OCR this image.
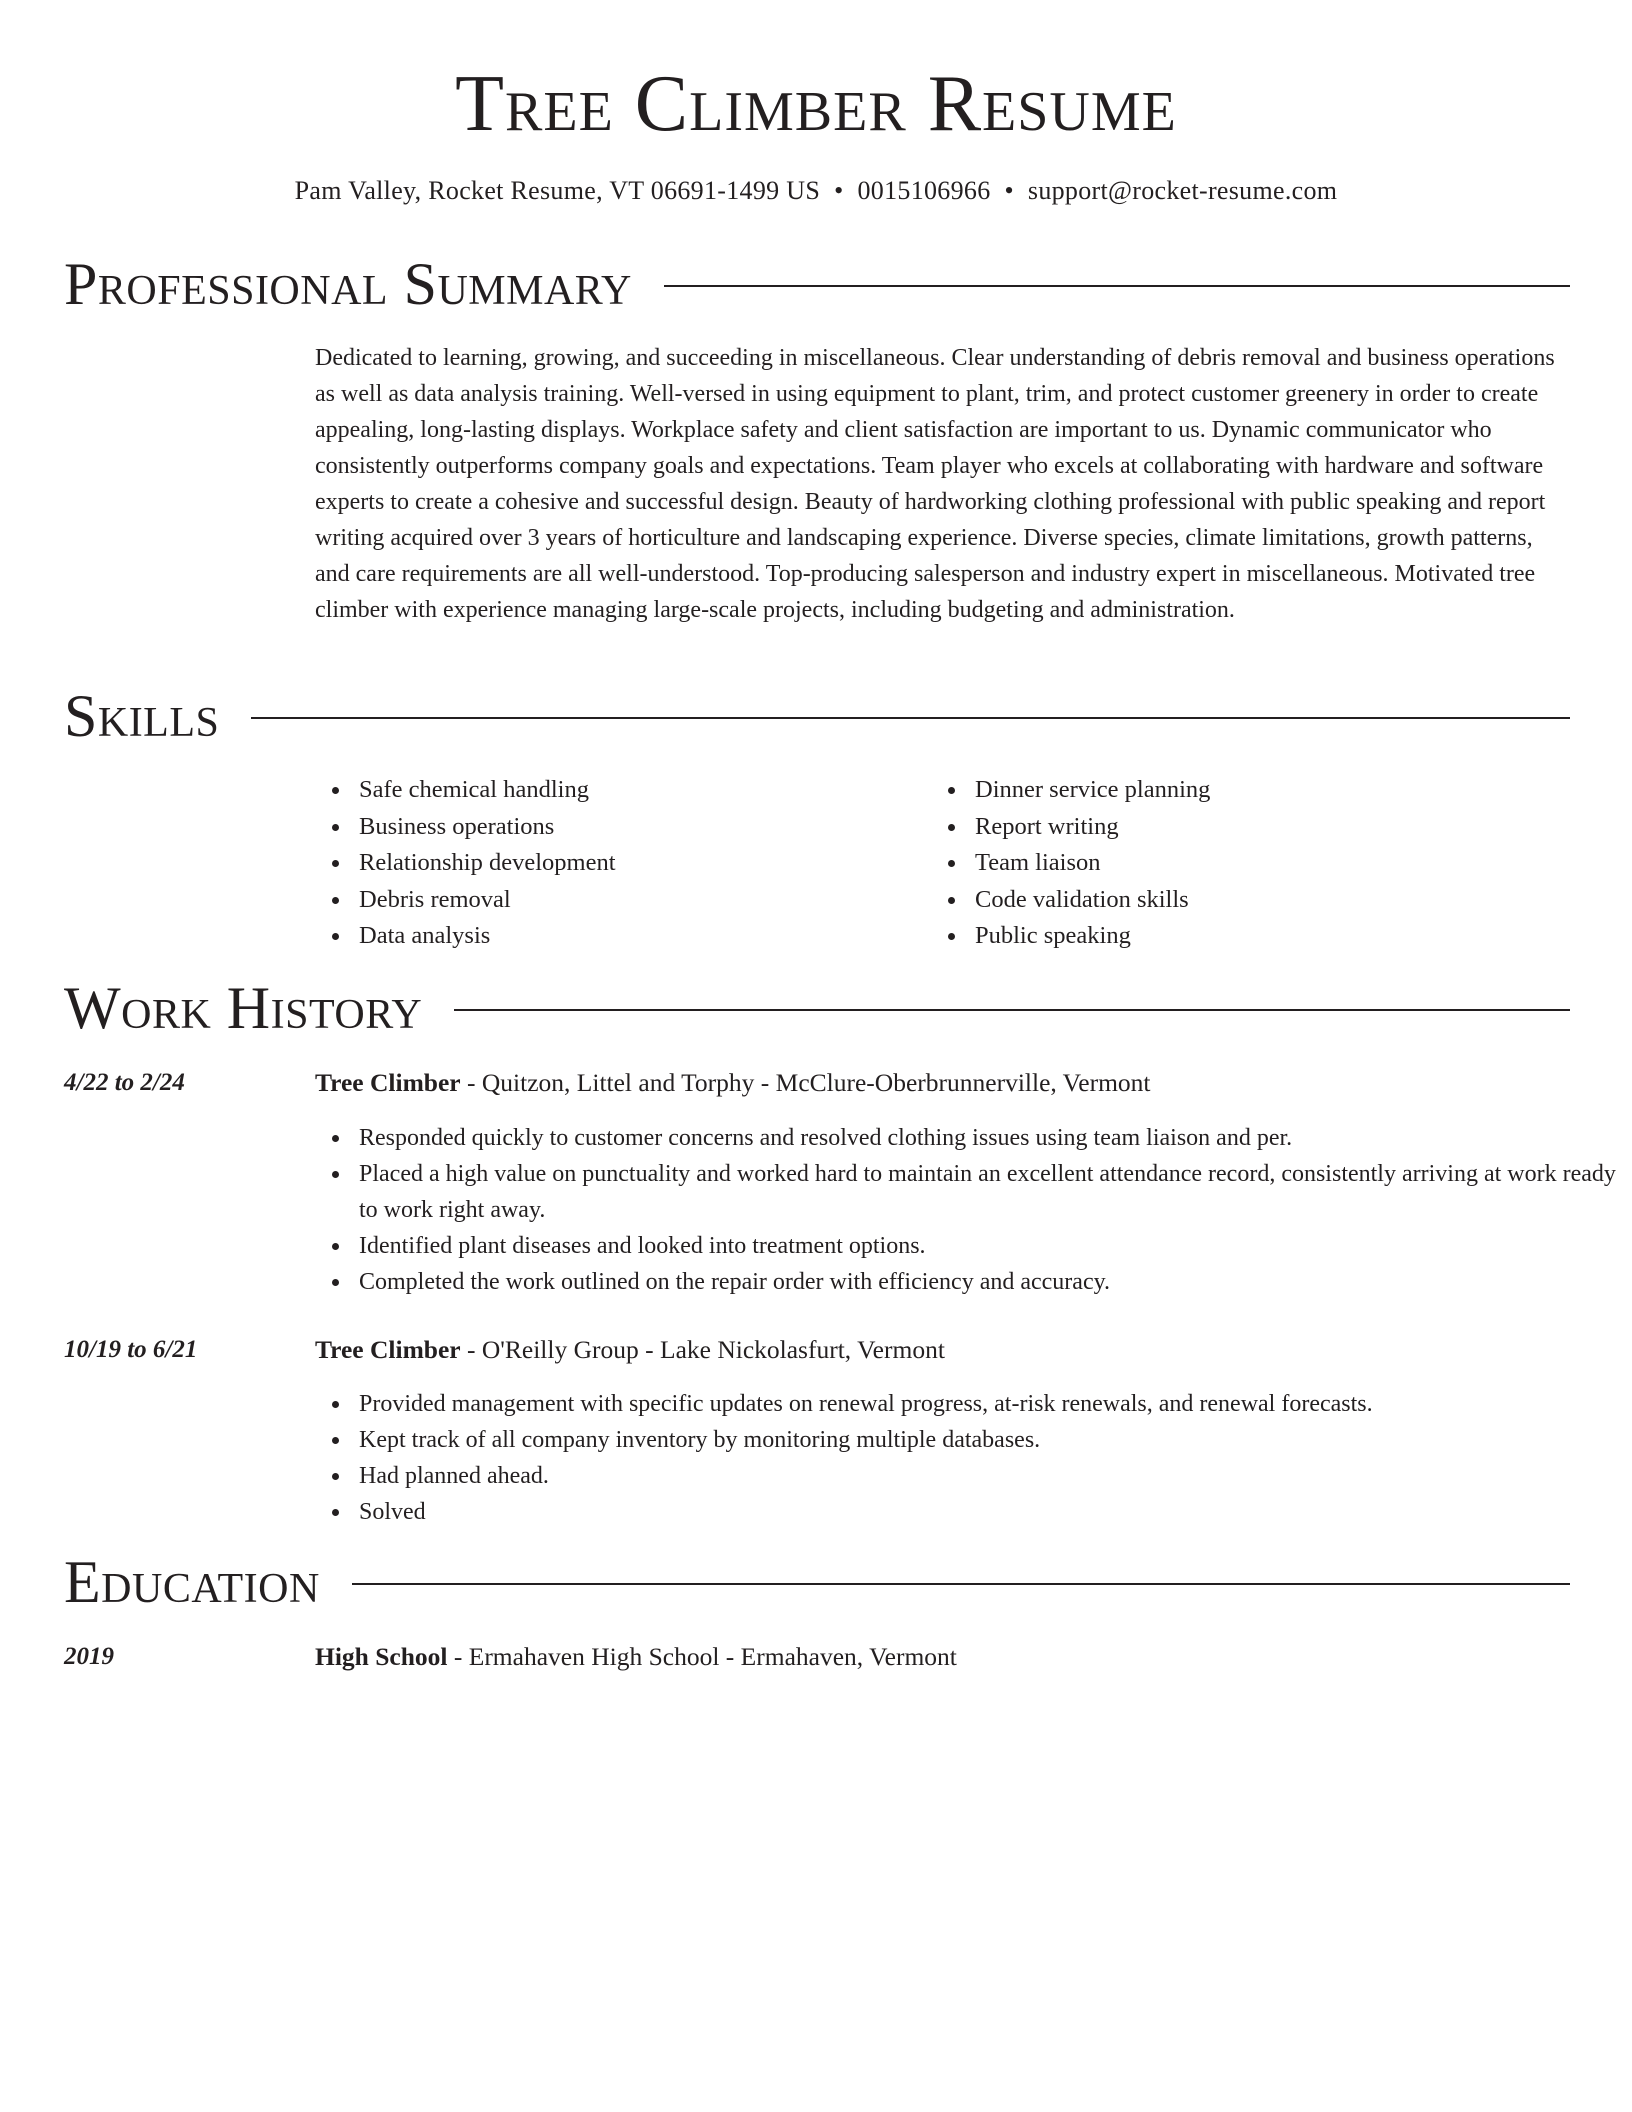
Tree Climber Resume
Pam Valley, Rocket Resume, VT 06691-1499 US • 0015106966 • support@rocket-resume.com
Professional Summary

Dedicated to learning, growing, and succeeding in miscellaneous. Clear understanding of debris removal and business operations as well as data analysis training. Well-versed in using equipment to plant, trim, and protect customer greenery in order to create appealing, long-lasting displays. Workplace safety and client satisfaction are important to us. Dynamic communicator who consistently outperforms company goals and expectations. Team player who excels at collaborating with hardware and software experts to create a cohesive and successful design. Beauty of hardworking clothing professional with public speaking and report writing acquired over 3 years of horticulture and landscaping experience. Diverse species, climate limitations, growth patterns, and care requirements are all well-understood. Top-producing salesperson and industry expert in miscellaneous. Motivated tree climber with experience managing large-scale projects, including budgeting and administration.

Skills
Safe chemical handling
Business operations
Relationship development
Debris removal
Data analysis
Dinner service planning
Report writing
Team liaison
Code validation skills
Public speaking
Work History
4/22 to 2/24	Tree Climber - Quitzon, Littel and Torphy - McClure-Oberbrunnerville, Vermont
Responded quickly to customer concerns and resolved clothing issues using team liaison and per.
Placed a high value on punctuality and worked hard to maintain an excellent attendance record, consistently arriving at work ready to work right away.
Identified plant diseases and looked into treatment options.
Completed the work outlined on the repair order with efficiency and accuracy.
10/19 to 6/21	Tree Climber - O'Reilly Group - Lake Nickolasfurt, Vermont
Provided management with specific updates on renewal progress, at-risk renewals, and renewal forecasts.
Kept track of all company inventory by monitoring multiple databases.
Had planned ahead.
Solved
Education
2019	High School - Ermahaven High School - Ermahaven, Vermont
